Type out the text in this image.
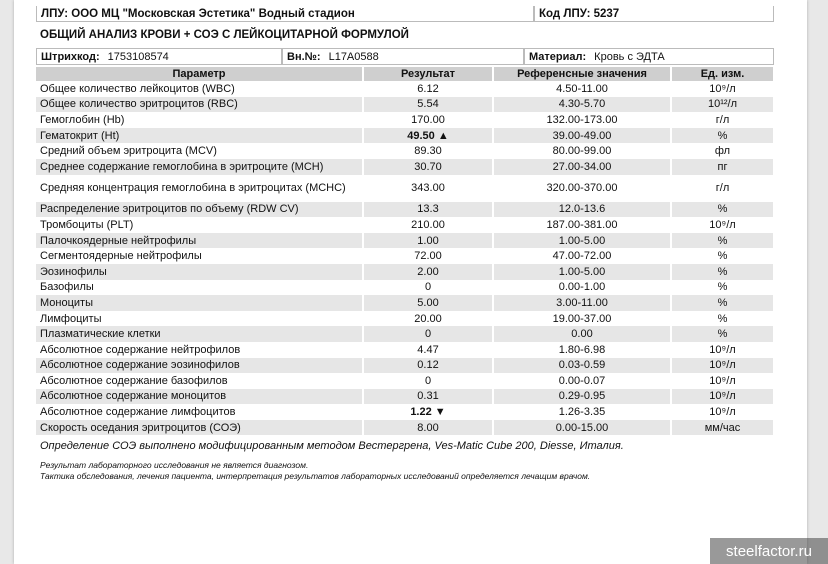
ЛПУ:
ООО МЦ "Московская Эстетика" Водный стадион	Код ЛПУ:
5237
ОБЩИЙ АНАЛИЗ КРОВИ + СОЭ С ЛЕЙКОЦИТАРНОЙ ФОРМУЛОЙ
Штрихкод: 1753108574	Вн.№: L17A0588	Материал: Кровь с ЭДТА
Параметр	Результат	Референсные значения	Ед. изм.
Общее количество лейкоцитов (WBC)	6.12	4.50-11.00	10⁹/л
Общее количество эритроцитов (RBC)	5.54	4.30-5.70	10¹²/л
Гемоглобин (Hb)	170.00	132.00-173.00	г/л
Гематокрит (Ht)	49.50 ▲	39.00-49.00	%
Средний объем эритроцита (MCV)	89.30	80.00-99.00	фл
Среднее содержание гемоглобина в эритроците (MCH)	30.70	27.00-34.00	пг
Средняя концентрация гемоглобина в эритроцитах (MCHC)	343.00	320.00-370.00	г/л
Распределение эритроцитов по объему (RDW CV)	13.3	12.0-13.6	%
Тромбоциты (PLT)	210.00	187.00-381.00	10⁹/л
Палочкоядерные нейтрофилы	1.00	1.00-5.00	%
Сегментоядерные нейтрофилы	72.00	47.00-72.00	%
Эозинофилы	2.00	1.00-5.00	%
Базофилы	0	0.00-1.00	%
Моноциты	5.00	3.00-11.00	%
Лимфоциты	20.00	19.00-37.00	%
Плазматические клетки	0	0.00	%
Абсолютное содержание нейтрофилов	4.47	1.80-6.98	10⁹/л
Абсолютное содержание эозинофилов	0.12	0.03-0.59	10⁹/л
Абсолютное содержание базофилов	0	0.00-0.07	10⁹/л
Абсолютное содержание моноцитов	0.31	0.29-0.95	10⁹/л
Абсолютное содержание лимфоцитов	1.22 ▼	1.26-3.35	10⁹/л
Скорость оседания эритроцитов (СОЭ)	8.00	0.00-15.00	мм/час
Определение СОЭ выполнено модифицированным методом Вестергрена, Ves-Matic Cube 200, Diesse, Италия.
Результат лабораторного исследования не является диагнозом.
Тактика обследования, лечения пациента, интерпретация результатов лабораторных исследований определяется лечащим врачом.
steelfactor.ru
